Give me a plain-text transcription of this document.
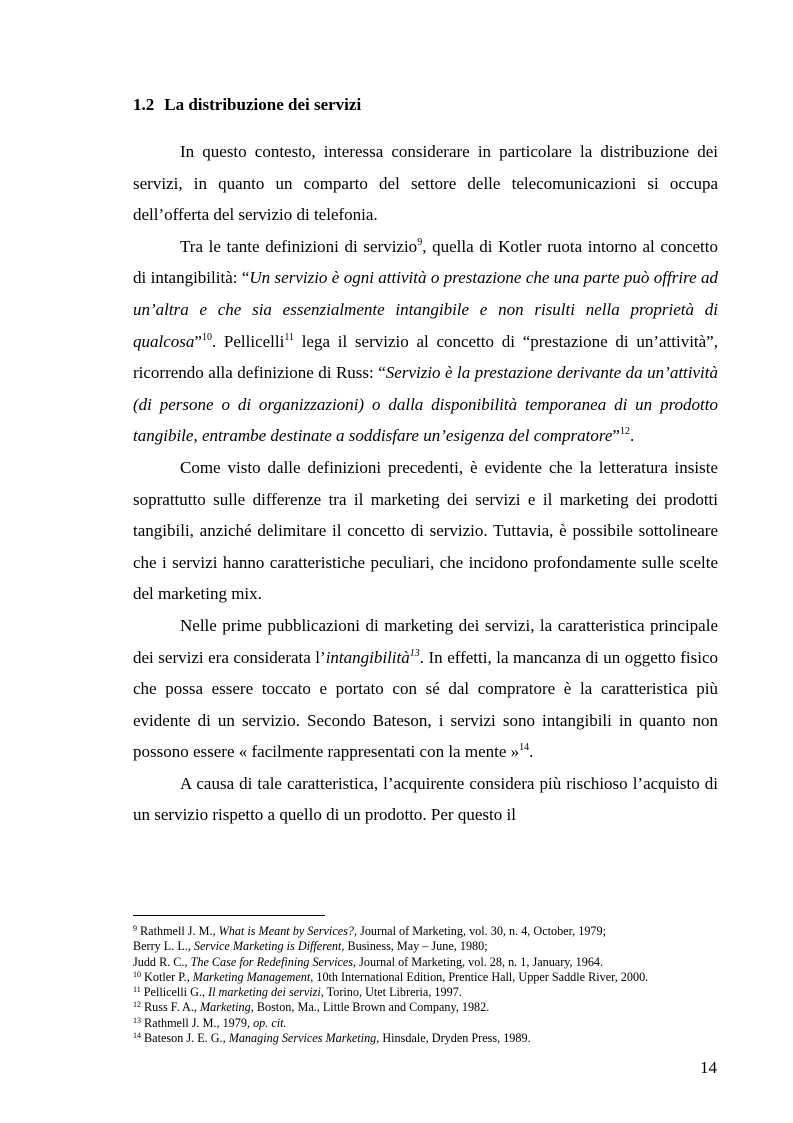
1.2 La distribuzione dei servizi

In questo contesto, interessa considerare in particolare la distribuzione dei servizi, in quanto un comparto del settore delle telecomunicazioni si occupa dell’offerta del servizio di telefonia.

Tra le tante definizioni di servizio$^9$, quella di Kotler ruota intorno al concetto di intangibilità: “Un servizio è ogni attività o prestazione che una parte può offrire ad un’altra e che sia essenzialmente intangibile e non risulti nella proprietà di qualcosa”$^{10}$. Pellicelli$^{11}$ lega il servizio al concetto di “prestazione di un’attività”, ricorrendo alla definizione di Russ: “Servizio è la prestazione derivante da un’attività (di persone o di organizzazioni) o dalla disponibilità temporanea di un prodotto tangibile, entrambe destinate a soddisfare un’esigenza del compratore”$^{12}$.

Come visto dalle definizioni precedenti, è evidente che la letteratura insiste soprattutto sulle differenze tra il marketing dei servizi e il marketing dei prodotti tangibili, anziché delimitare il concetto di servizio. Tuttavia, è possibile sottolineare che i servizi hanno caratteristiche peculiari, che incidono profondamente sulle scelte del marketing mix.

Nelle prime pubblicazioni di marketing dei servizi, la caratteristica principale dei servizi era considerata l’intangibilità$^{13}$. In effetti, la mancanza di un oggetto fisico che possa essere toccato e portato con sé dal compratore è la caratteristica più evidente di un servizio. Secondo Bateson, i servizi sono intangibili in quanto non possono essere « facilmente rappresentati con la mente »$^{14}$.

A causa di tale caratteristica, l’acquirente considera più rischioso l’acquisto di un servizio rispetto a quello di un prodotto. Per questo il

$^9$ Rathmell J. M., What is Meant by Services?, Journal of Marketing, vol. 30, n. 4, October, 1979;
Berry L. L., Service Marketing is Different, Business, May – June, 1980;
Judd R. C., The Case for Redefining Services, Journal of Marketing, vol. 28, n. 1, January, 1964.
$^{10}$ Kotler P., Marketing Management, 10th International Edition, Prentice Hall, Upper Saddle River, 2000.
$^{11}$ Pellicelli G., Il marketing dei servizi, Torino, Utet Libreria, 1997.
$^{12}$ Russ F. A., Marketing, Boston, Ma., Little Brown and Company, 1982.
$^{13}$ Rathmell J. M., 1979, op. cit.
$^{14}$ Bateson J. E. G., Managing Services Marketing, Hinsdale, Dryden Press, 1989.
14
